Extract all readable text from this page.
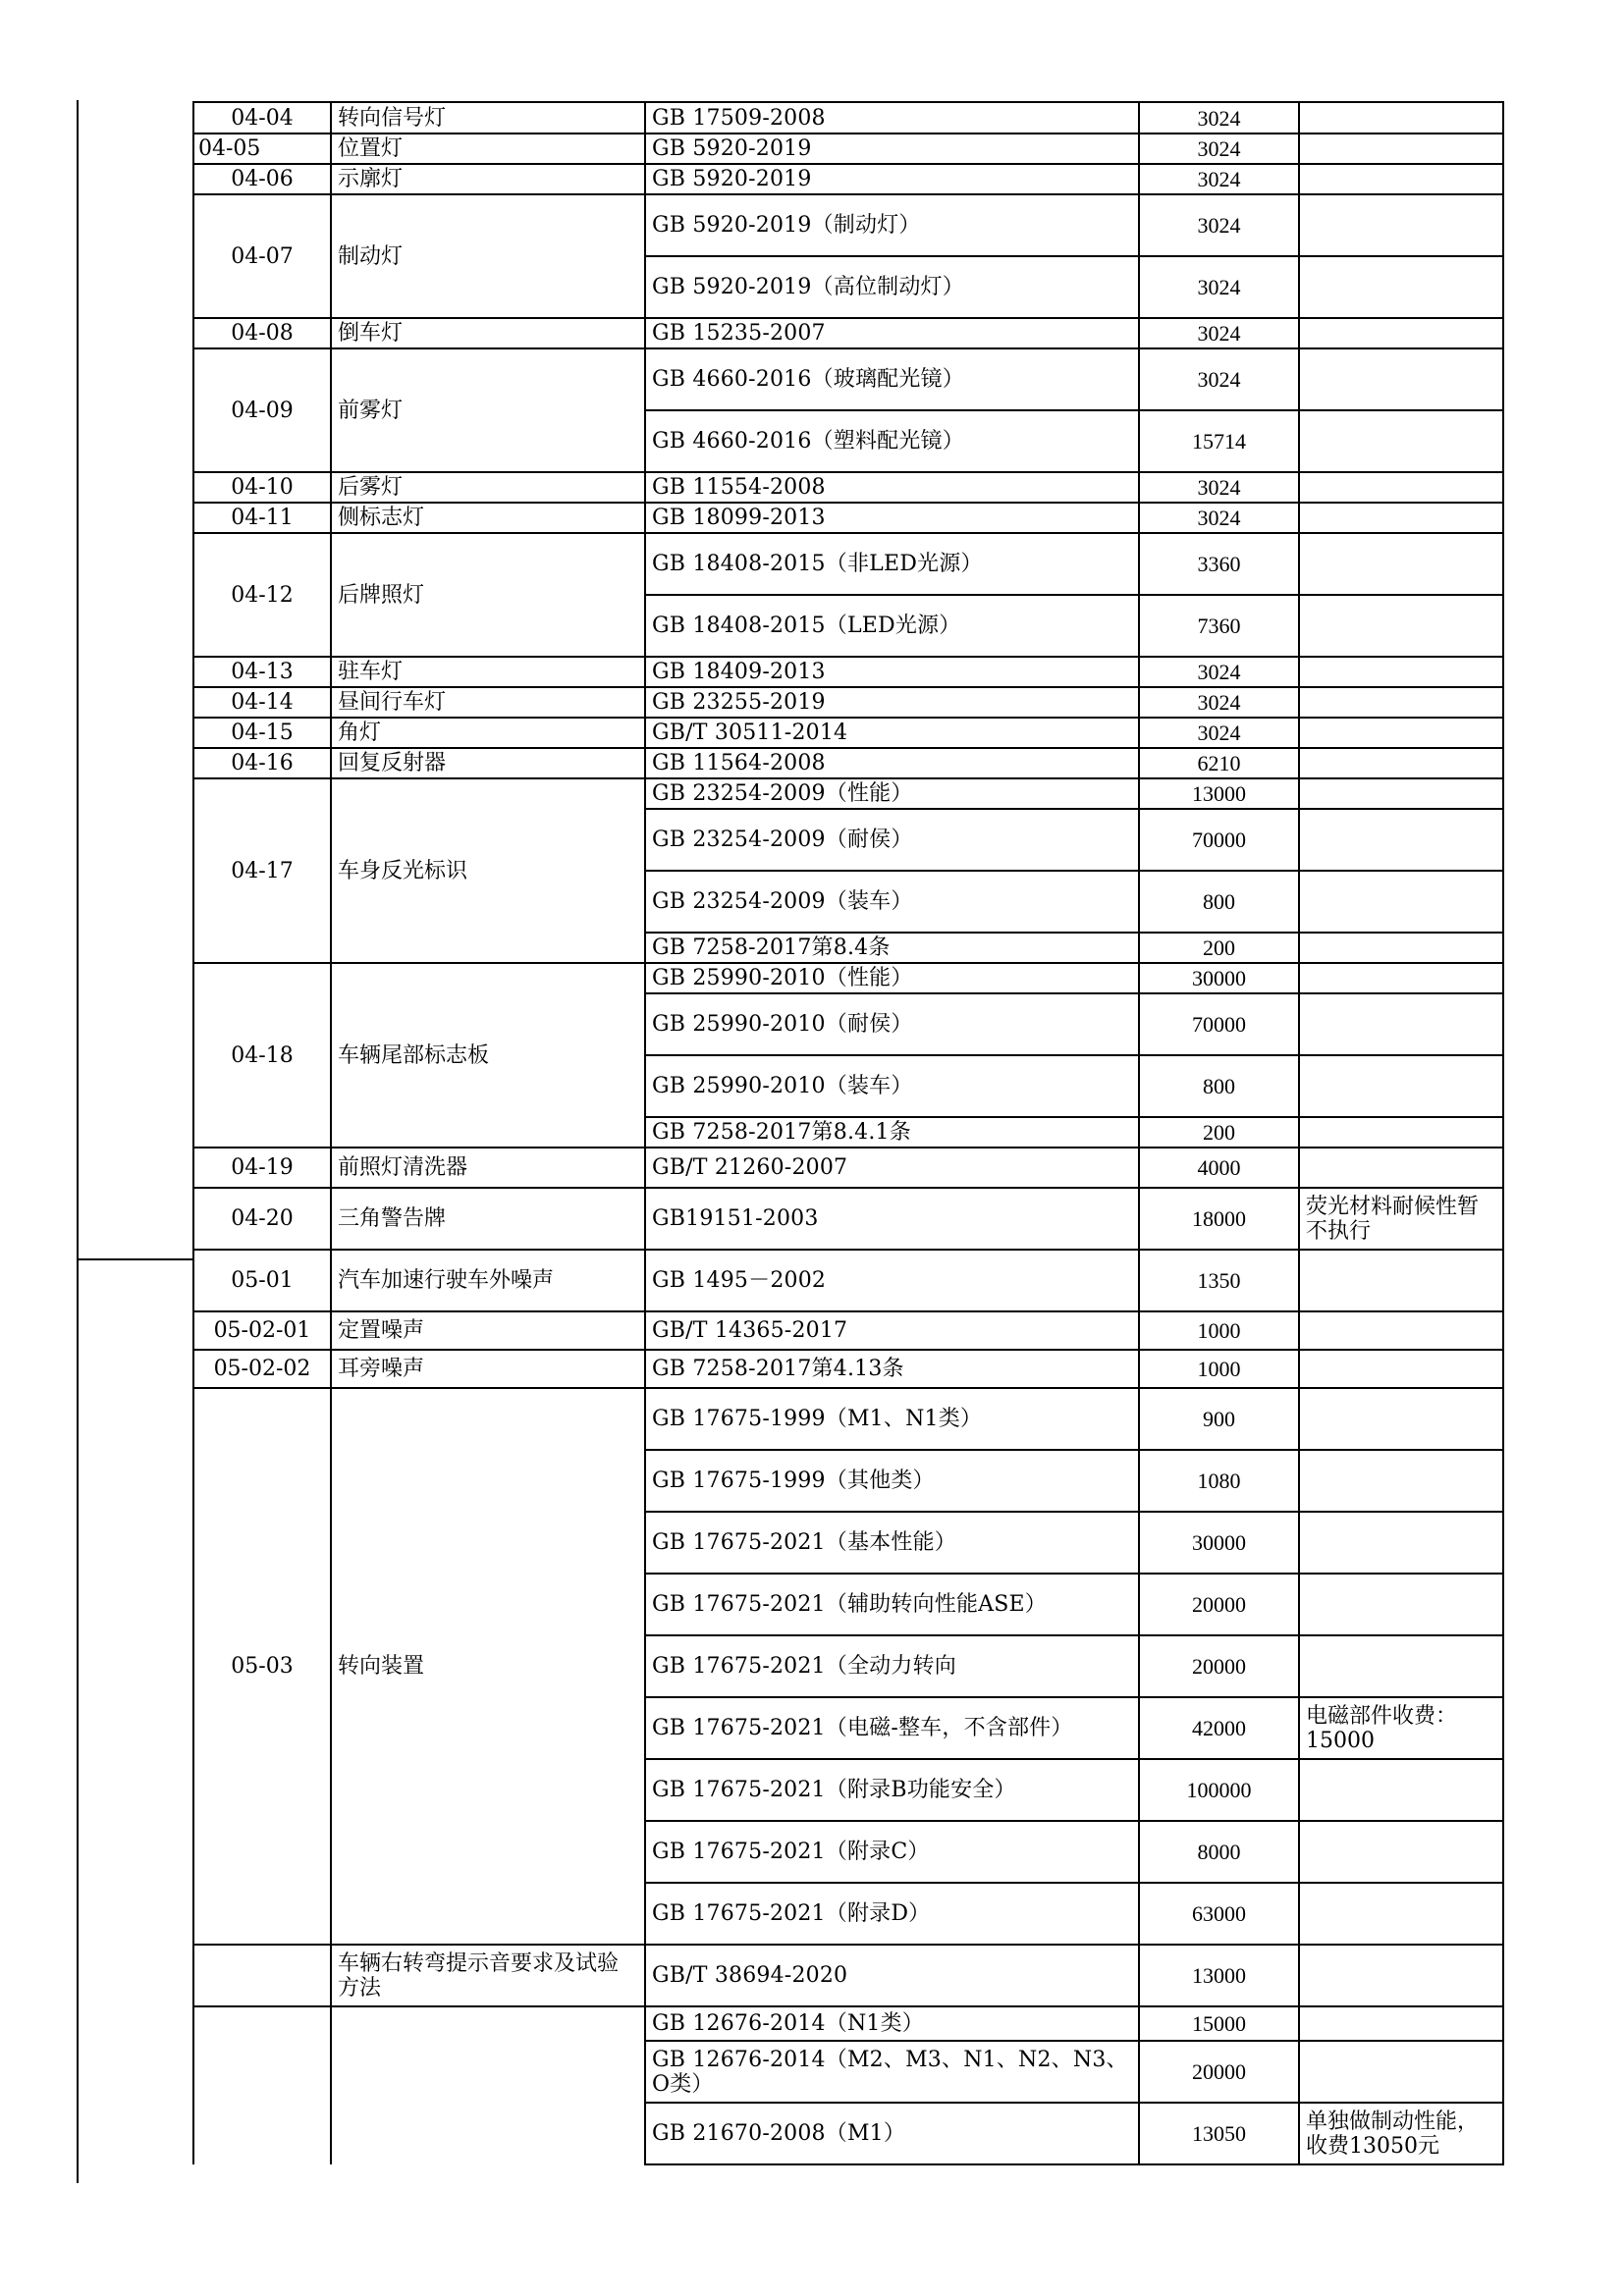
04-04	转向信号灯	GB 17509-2008	3024	
04-05	位置灯	GB 5920-2019	3024	
04-06	示廓灯	GB 5920-2019	3024	
04-07	制动灯	GB 5920-2019（制动灯）	3024	
		GB 5920-2019（高位制动灯）	3024	
04-08	倒车灯	GB 15235-2007	3024	
04-09	前雾灯	GB 4660-2016（玻璃配光镜）	3024	
		GB 4660-2016（塑料配光镜）	15714	
04-10	后雾灯	GB 11554-2008	3024	
04-11	侧标志灯	GB 18099-2013	3024	
04-12	后牌照灯	GB 18408-2015（非LED光源）	3360	
		GB 18408-2015（LED光源）	7360	
04-13	驻车灯	GB 18409-2013	3024	
04-14	昼间行车灯	GB 23255-2019	3024	
04-15	角灯	GB/T 30511-2014	3024	
04-16	回复反射器	GB 11564-2008	6210	
04-17	车身反光标识	GB 23254-2009（性能）	13000	
		GB 23254-2009（耐侯）	70000	
		GB 23254-2009（装车）	800	
		GB 7258-2017第8.4条	200	
04-18	车辆尾部标志板	GB 25990-2010（性能）	30000	
		GB 25990-2010（耐侯）	70000	
		GB 25990-2010（装车）	800	
		GB 7258-2017第8.4.1条	200	
04-19	前照灯清洗器	GB/T 21260-2007	4000	
04-20	三角警告牌	GB19151-2003	18000	荧光材料耐候性暂不执行
05-01	汽车加速行驶车外噪声	GB 1495－2002	1350	
05-02-01	定置噪声	GB/T 14365-2017	1000	
05-02-02	耳旁噪声	GB 7258-2017第4.13条	1000	
05-03	转向装置	GB 17675-1999（M1、N1类）	900	
		GB 17675-1999（其他类）	1080	
		GB 17675-2021（基本性能）	30000	
		GB 17675-2021（辅助转向性能ASE）	20000	
		GB 17675-2021（全动力转向	20000	
		GB 17675-2021（电磁-整车，不含部件）	42000	电磁部件收费：15000
		GB 17675-2021（附录B功能安全）	100000	
		GB 17675-2021（附录C）	8000	
		GB 17675-2021（附录D）	63000	
	车辆右转弯提示音要求及试验方法	GB/T 38694-2020	13000	
		GB 12676-2014（N1类）	15000	
		GB 12676-2014（M2、M3、N1、N2、N3、O类）	20000	
		GB 21670-2008（M1）	13050	单独做制动性能，收费13050元
